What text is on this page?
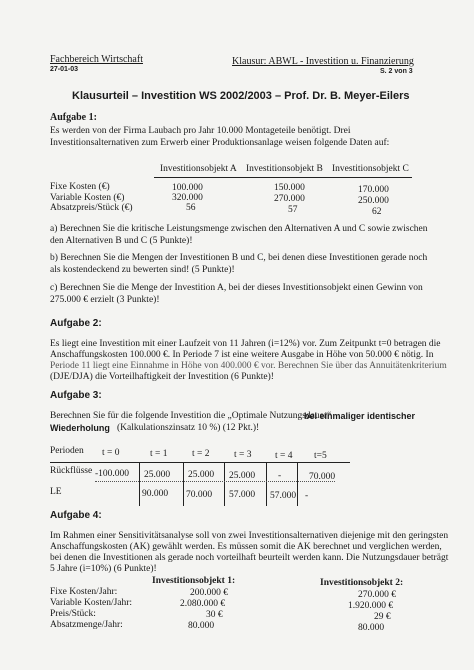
Fachbereich Wirtschaft
27-01-03
Klausur: ABWL - Investition u. Finanzierung
S. 2 von 3
Klausurteil – Investition WS 2002/2003 – Prof. Dr. B. Meyer-Eilers
Aufgabe 1:
Es werden von der Firma Laubach pro Jahr 10.000 Montageteile benötigt. Drei Investitionsalternativen zum Erwerb einer Produktionsanlage weisen folgende Daten auf:
Investitionsobjekt A Investitionsobjekt B Investitionsobjekt C
Fixe Kosten (€)	100.000	150.000	170.000
Variable Kosten (€)	320.000	270.000	250.000
Absatzpreis/Stück (€)	56	57	62
a) Berechnen Sie die kritische Leistungsmenge zwischen den Alternativen A und C sowie zwischen den Alternativen B und C (5 Punkte)!
b) Berechnen Sie die Mengen der Investitionen B und C, bei denen diese Investitionen gerade noch als kostendeckend zu bewerten sind! (5 Punkte)!
c) Berechnen Sie die Menge der Investition A, bei der dieses Investitionsobjekt einen Gewinn von 275.000 € erzielt (3 Punkte)!
Aufgabe 2:
Es liegt eine Investition mit einer Laufzeit von 11 Jahren (i=12%) vor. Zum Zeitpunkt t=0 betragen die
Anschaffungskosten 100.000 €. In Periode 7 ist eine weitere Ausgabe in Höhe von 50.000 € nötig. In
Periode 11 liegt eine Einnahme in Höhe von 400.000 € vor. Berechnen Sie über das Annuitätenkriterium
(DJE/DJA) die Vorteilhaftigkeit der Investition (6 Punkte)!
Aufgabe 3:
Berechnen Sie für die folgende Investition die „Optimale Nutzungsdauer“
bei einmaliger identischer
Wiederholung (Kalkulationszinsatz 10 %) (12 Pkt.)!
Perioden t = 0	t = 1	t = 2	t = 3 t = 4 t=5
Rückflüsse -100.000 25.000 25.000 25.000 -	70.000
LE	90.000 70.000 57.000 57.000 -
Aufgabe 4:
Im Rahmen einer Sensitivitätsanalyse soll von zwei Investitionsalternativen diejenige mit den geringsten
Anschaffungskosten (AK) gewählt werden. Es müssen somit die AK berechnet und verglichen werden,
bei denen die Investitionen als gerade noch vorteilhaft beurteilt werden kann. Die Nutzungsdauer beträgt
5 Jahre (i=10%) (6 Punkte)!
Investitionsobjekt 1:	Investitionsobjekt 2:
Fixe Kosten/Jahr:	200.000 €	270.000 €
Variable Kosten/Jahr:	2.080.000 €	1.920.000 €
Preis/Stück:	30 €	29 €
Absatzmenge/Jahr:	80.000	80.000
